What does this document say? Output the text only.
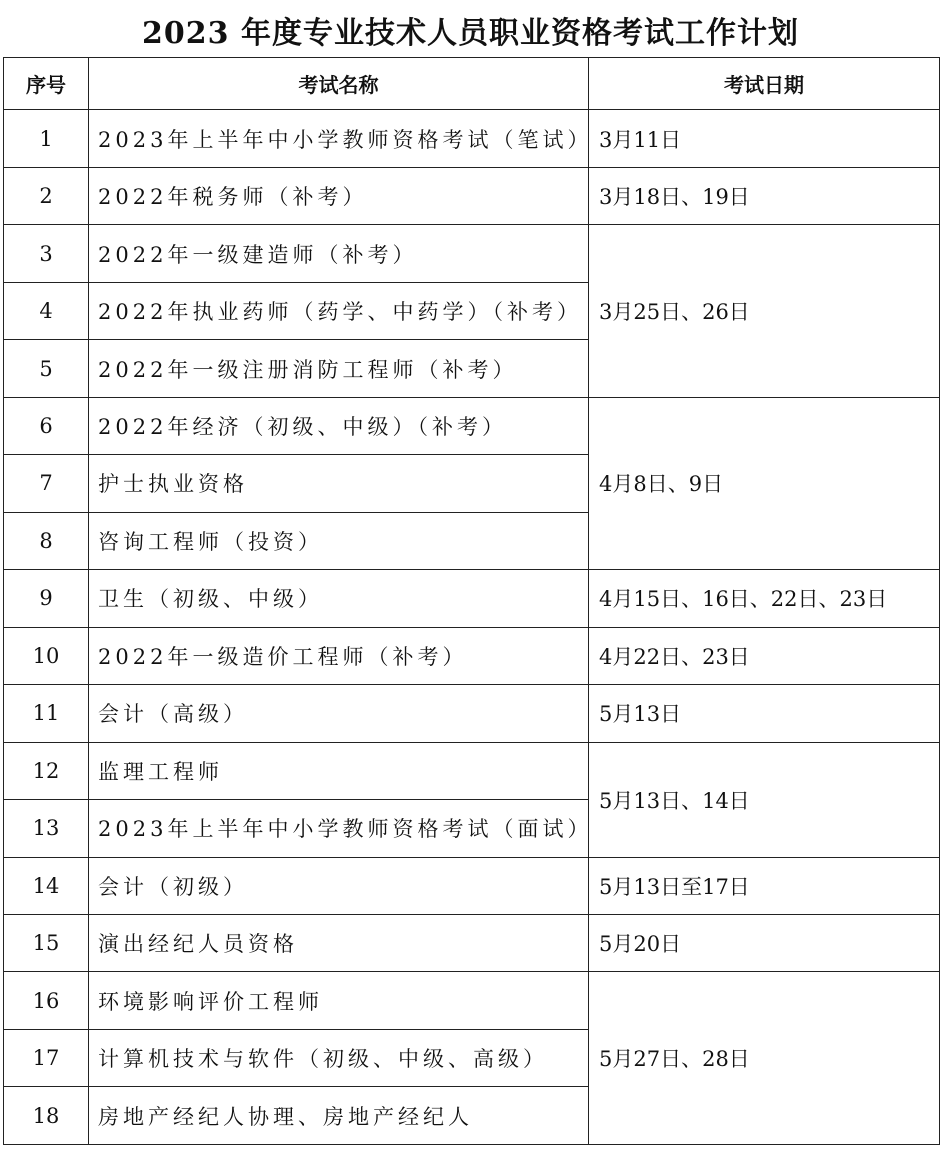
2023 年度专业技术人员职业资格考试工作计划
序号	考试名称	考试日期
1	2023年上半年中小学教师资格考试（笔试）	3月11日
2	2022年税务师（补考）	3月18日、19日
3	2022年一级建造师（补考）	3月25日、26日
4	2022年执业药师（药学、中药学）（补考）	
5	2022年一级注册消防工程师（补考）	
6	2022年经济（初级、中级）（补考）	4月8日、9日
7	护士执业资格	
8	咨询工程师（投资）	
9	卫生（初级、中级）	4月15日、16日、22日、23日
10	2022年一级造价工程师（补考）	4月22日、23日
11	会计（高级）	5月13日
12	监理工程师	5月13日、14日
13	2023年上半年中小学教师资格考试（面试）	
14	会计（初级）	5月13日至17日
15	演出经纪人员资格	5月20日
16	环境影响评价工程师	5月27日、28日
17	计算机技术与软件（初级、中级、高级）	
18	房地产经纪人协理、房地产经纪人	
